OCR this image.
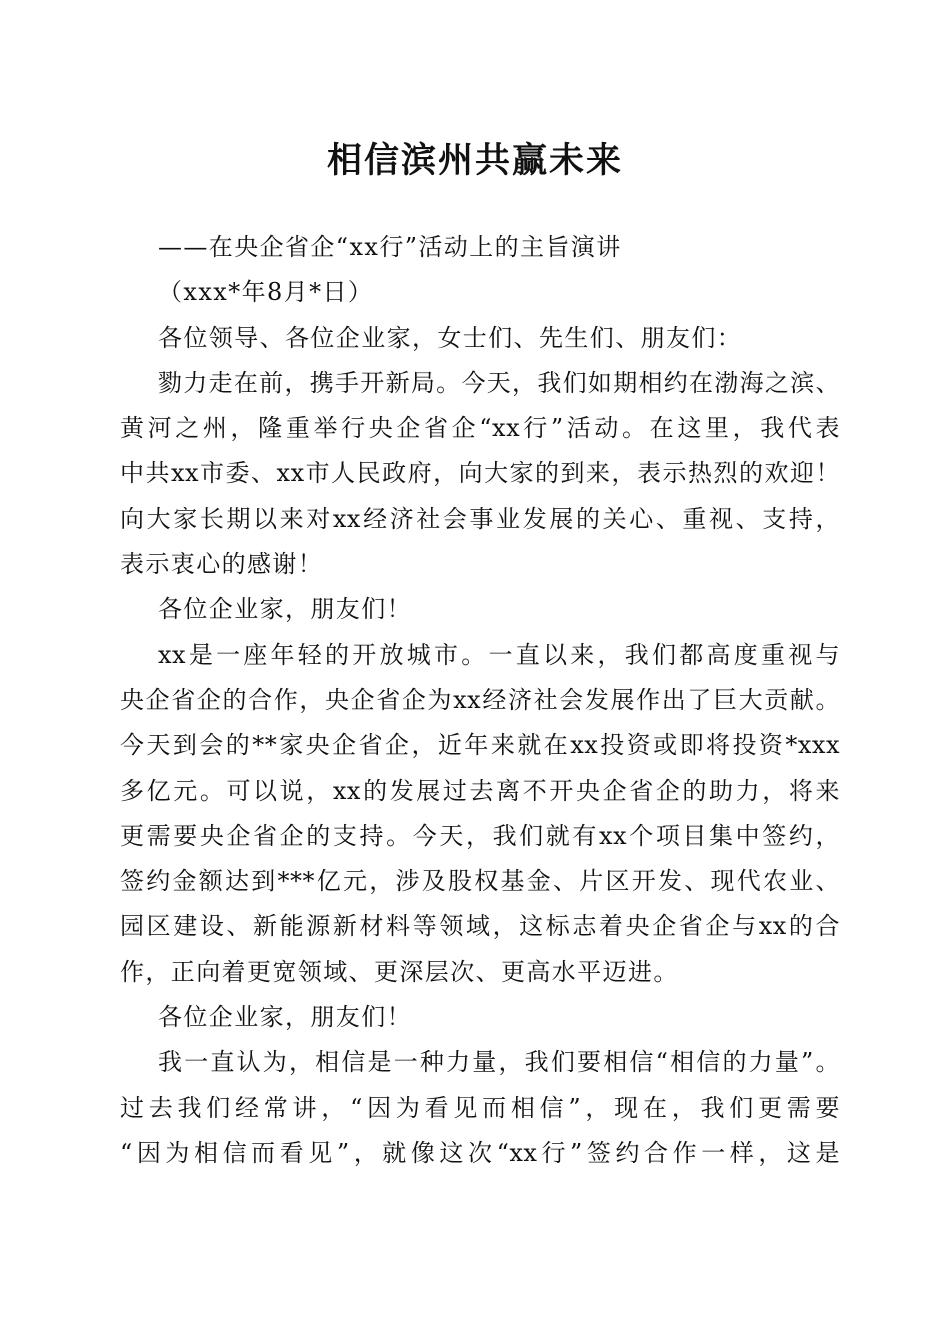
相信滨州共赢未来
——在央企省企“xx行”活动上的主旨演讲
（xxx*年8月*日）
各位领导、各位企业家，女士们、先生们、朋友们：
勠力走在前，携手开新局。今天，我们如期相约在渤海之滨、
黄河之州，隆重举行央企省企“xx行”活动。在这里，我代表
中共xx市委、xx市人民政府，向大家的到来，表示热烈的欢迎！
向大家长期以来对xx经济社会事业发展的关心、重视、支持，
表示衷心的感谢！
各位企业家，朋友们！
xx是一座年轻的开放城市。一直以来，我们都高度重视与
央企省企的合作，央企省企为xx经济社会发展作出了巨大贡献。
今天到会的**家央企省企，近年来就在xx投资或即将投资*xxx
多亿元。可以说，xx的发展过去离不开央企省企的助力，将来
更需要央企省企的支持。今天，我们就有xx个项目集中签约，
签约金额达到***亿元，涉及股权基金、片区开发、现代农业、
园区建设、新能源新材料等领域，这标志着央企省企与xx的合
作，正向着更宽领域、更深层次、更高水平迈进。
各位企业家，朋友们！
我一直认为，相信是一种力量，我们要相信“相信的力量”。
过去我们经常讲，“因为看见而相信”，现在，我们更需要
“因为相信而看见”，就像这次“xx行”签约合作一样，这是
